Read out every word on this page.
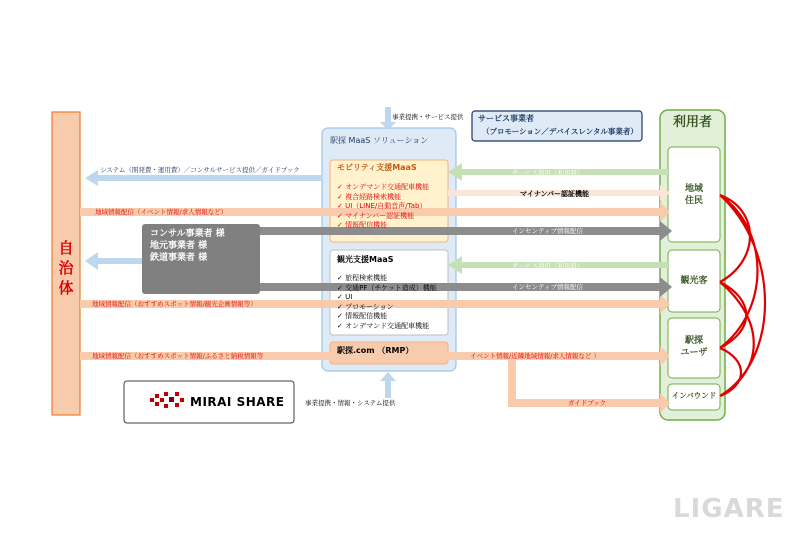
自治体
利用者
地域
住民
観光客
駅探
ユーザ
インバウンド
駅探 MaaS ソリューション
モビリティ支援MaaS
✓ オンデマンド交通配車機能
✓ 複合経路検索機能
✓ UI（LINE/自動音声/Tab）
✓ マイナンバー認証機能
✓ 情報配信機能
観光支援MaaS
✓ 旅程検索機能
✓ 交通PF（チケット造成）機能
✓ UI
✓ プロモーション
✓ 情報配信機能
✓ オンデマンド交通配車機能
駅探.com （RMP）
サービス事業者
（プロモーション／デバイスレンタル事業者）
コンサル事業者 様
地元事業者 様
鉄道事業者 様
MIRAI SHARE
事業提携・サービス提供
システム（開発費・運用費）／コンサルサービス提供／ガイドブック
地域情報配信（イベント情報/求人情報など）
地域情報配信（おすすめスポット情報/観光企画情報等）
地域情報配信（おすすめスポット情報/ふるさと納税情報等
サービス利用（利用料）
マイナンバー認証機能
インセンティブ情報配信
サービス利用（利用料）
インセンティブ情報配信
イベント情報/近隣地域情報/求人情報など ）
ガイドブック
事業提携・情報・システム提供
LIGARE
